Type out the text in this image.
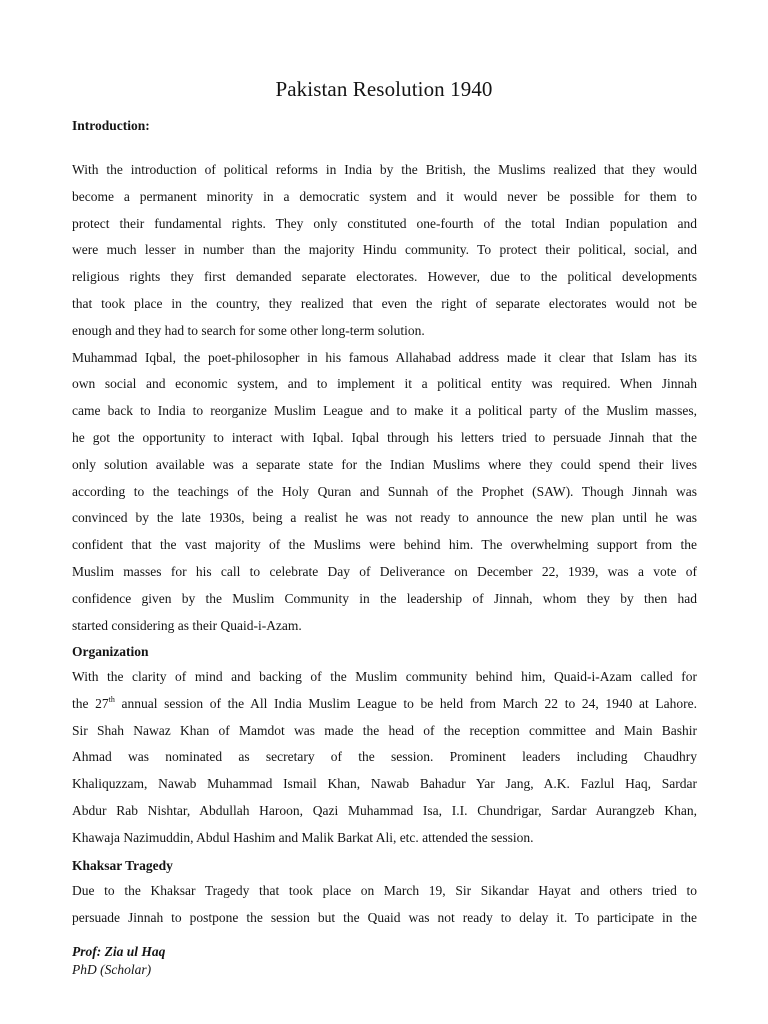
Pakistan Resolution 1940
Introduction:
With the introduction of political reforms in India by the British, the Muslims realized that they would
become a permanent minority in a democratic system and it would never be possible for them to
protect their fundamental rights. They only constituted one-fourth of the total Indian population and
were much lesser in number than the majority Hindu community. To protect their political, social, and
religious rights they first demanded separate electorates. However, due to the political developments
that took place in the country, they realized that even the right of separate electorates would not be
enough and they had to search for some other long-term solution.
Muhammad Iqbal, the poet-philosopher in his famous Allahabad address made it clear that Islam has its
own social and economic system, and to implement it a political entity was required. When Jinnah
came back to India to reorganize Muslim League and to make it a political party of the Muslim masses,
he got the opportunity to interact with Iqbal. Iqbal through his letters tried to persuade Jinnah that the
only solution available was a separate state for the Indian Muslims where they could spend their lives
according to the teachings of the Holy Quran and Sunnah of the Prophet (SAW). Though Jinnah was
convinced by the late 1930s, being a realist he was not ready to announce the new plan until he was
confident that the vast majority of the Muslims were behind him. The overwhelming support from the
Muslim masses for his call to celebrate Day of Deliverance on December 22, 1939, was a vote of
confidence given by the Muslim Community in the leadership of Jinnah, whom they by then had
started considering as their Quaid-i-Azam.
Organization
With the clarity of mind and backing of the Muslim community behind him, Quaid-i-Azam called for
the 27th annual session of the All India Muslim League to be held from March 22 to 24, 1940 at Lahore.
Sir Shah Nawaz Khan of Mamdot was made the head of the reception committee and Main Bashir
Ahmad was nominated as secretary of the session. Prominent leaders including Chaudhry
Khaliquzzam, Nawab Muhammad Ismail Khan, Nawab Bahadur Yar Jang, A.K. Fazlul Haq, Sardar
Abdur Rab Nishtar, Abdullah Haroon, Qazi Muhammad Isa, I.I. Chundrigar, Sardar Aurangzeb Khan,
Khawaja Nazimuddin, Abdul Hashim and Malik Barkat Ali, etc. attended the session.
Khaksar Tragedy
Due to the Khaksar Tragedy that took place on March 19, Sir Sikandar Hayat and others tried to
persuade Jinnah to postpone the session but the Quaid was not ready to delay it. To participate in the
Prof: Zia ul Haq
PhD (Scholar)
